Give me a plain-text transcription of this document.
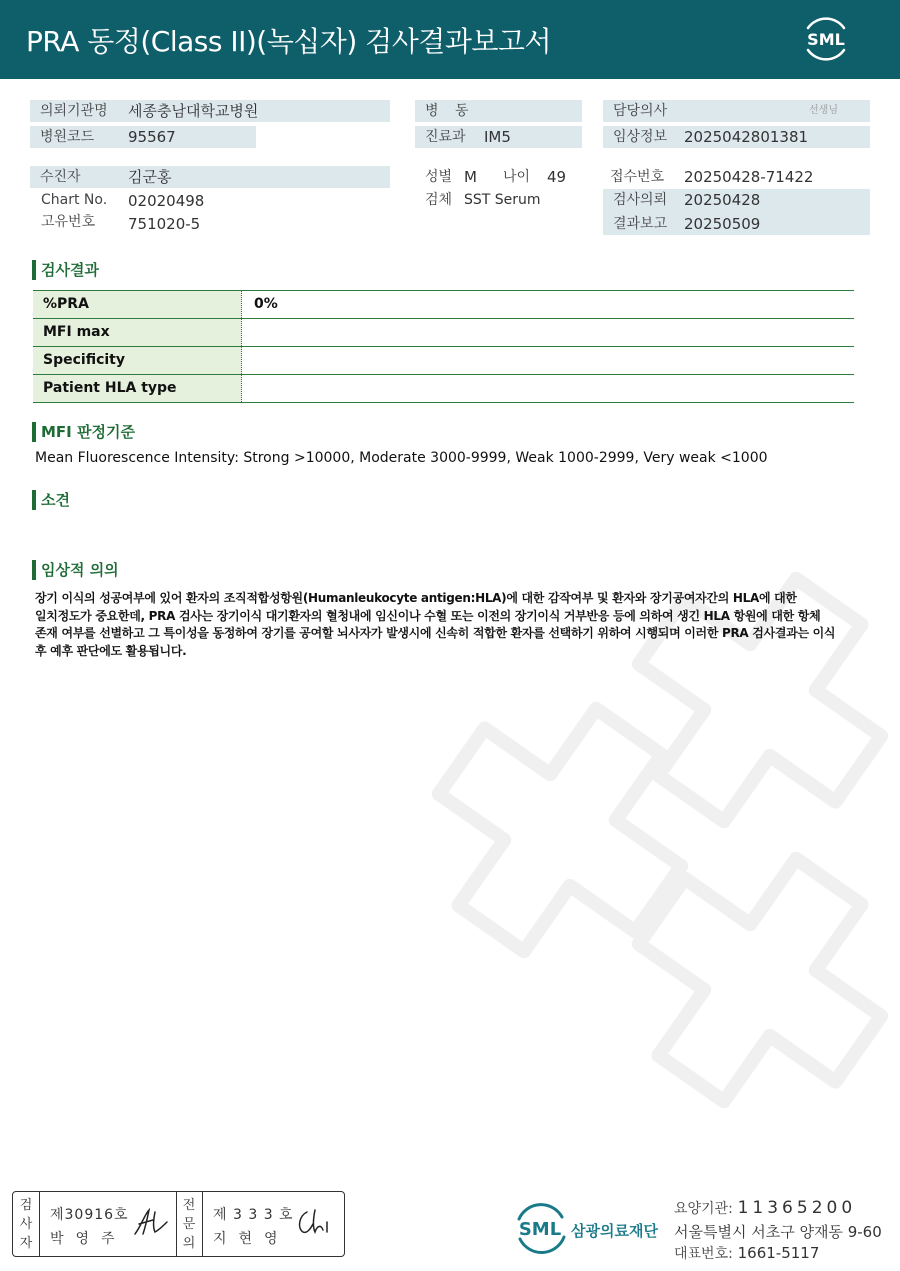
PRA 동정(Class II)(녹십자) 검사결과보고서	SML
의뢰기관명 세종충남대학교병원
병원코드 95567
병 동
진료과 IM5
담당의사	선생님
임상정보 2025042801381
수진자	김군홍
Chart No. 02020498
고유번호 751020-5
성별 M 나이 49
검체 SST Serum
접수번호 20250428-71422
검사의뢰 20250428
결과보고 20250509
검사결과
%PRA	0%
MFI max
Specificity
Patient HLA type
MFI 판정기준
Mean Fluorescence Intensity: Strong >10000, Moderate 3000-9999, Weak 1000-2999, Very weak <1000
소견
임상적 의의
장기 이식의 성공여부에 있어 환자의 조직적합성항원(Humanleukocyte antigen:HLA)에 대한 감작여부 및 환자와 장기공여자간의 HLA에 대한
일치정도가 중요한데, PRA 검사는 장기이식 대기환자의 혈청내에 임신이나 수혈 또는 이전의 장기이식 거부반응 등에 의하여 생긴 HLA 항원에 대한 항체
존재 여부를 선별하고 그 특이성을 동정하여 장기를 공여할 뇌사자가 발생시에 신속히 적합한 환자를 선택하기 위하여 시행되며 이러한 PRA 검사결과는 이식
후 예후 판단에도 활용됩니다.
검
사
자
제30916호
박영주
전
문
의
제 3 3 3 호
지현영	SML 삼광의료재단
요양기관: 11365200
서울특별시 서초구 양재동 9-60
대표번호: 1661-5117
